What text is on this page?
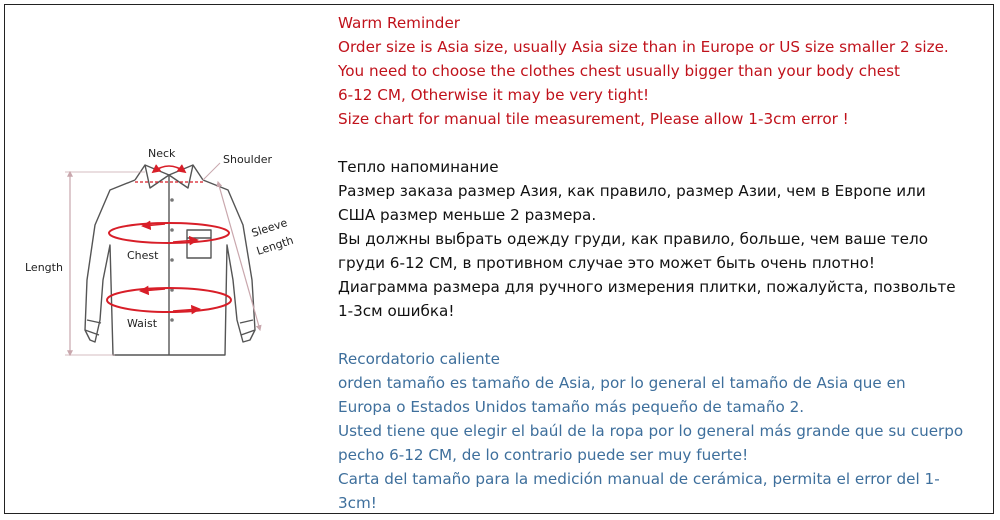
Neck	Shoulder
Sleeve
Length
Length
Chest
Waist

Warm Reminder

Order size is Asia size, usually Asia size than in Europe or US size smaller 2 size.

You need to choose the clothes chest usually bigger than your body chest

6-12 CM, Otherwise it may be very tight!

Size chart for manual tile measurement, Please allow 1-3cm error !

Тепло напоминание

Размер заказа размер Азия, как правило, размер Азии, чем в Европе или

США размер меньше 2 размера.

Вы должны выбрать одежду груди, как правило, больше, чем ваше тело

груди 6-12 CM, в противном случае это может быть очень плотно!

Диаграмма размера для ручного измерения плитки, пожалуйста, позвольте

1-3см ошибка!

Recordatorio caliente

orden tamaño es tamaño de Asia, por lo general el tamaño de Asia que en

Europa o Estados Unidos tamaño más pequeño de tamaño 2.

Usted tiene que elegir el baúl de la ropa por lo general más grande que su cuerpo

pecho 6-12 CM, de lo contrario puede ser muy fuerte!

Carta del tamaño para la medición manual de cerámica, permita el error del 1-

3cm!
